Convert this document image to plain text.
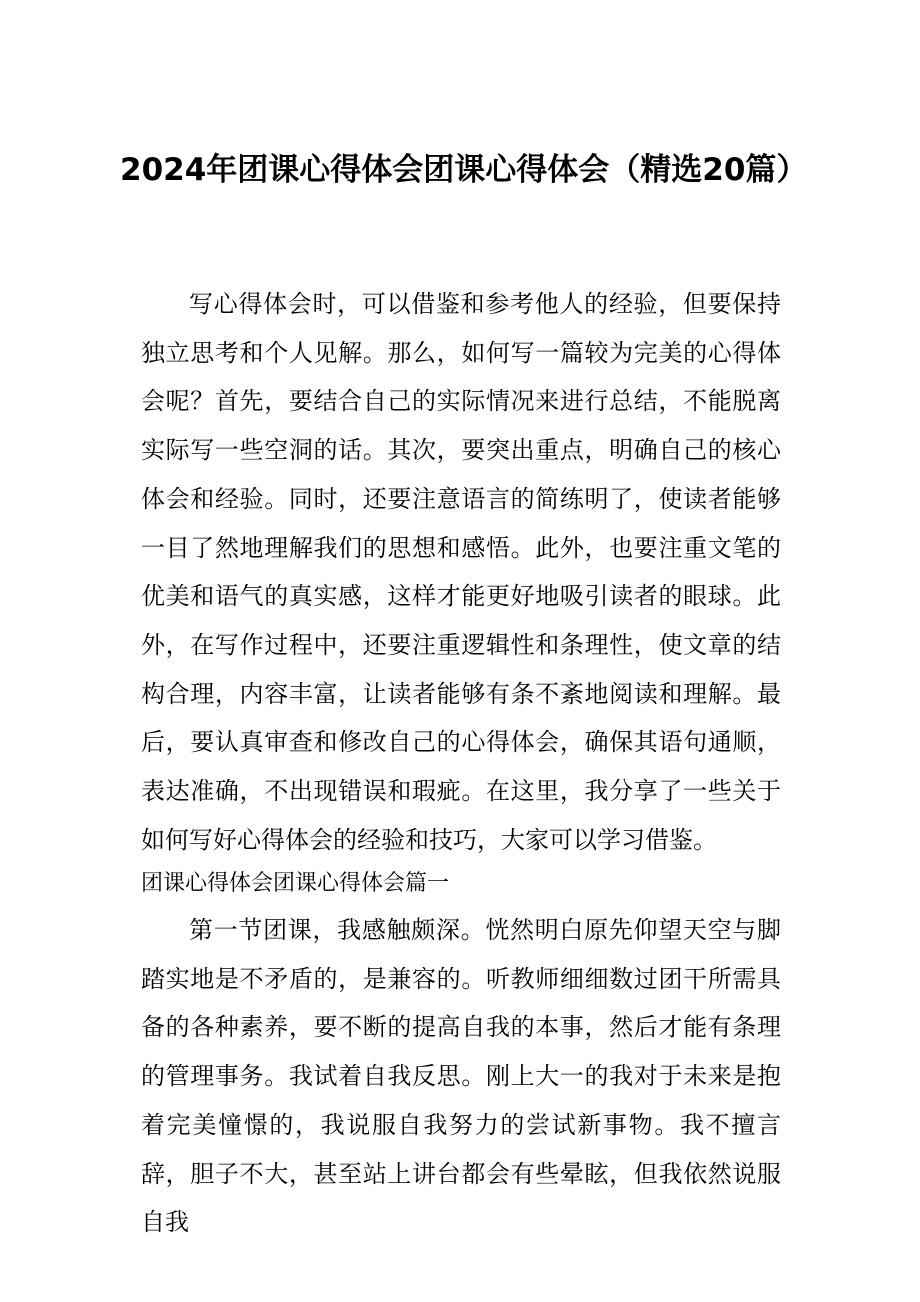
2024年团课心得体会团课心得体会（精选20篇）
写心得体会时，可以借鉴和参考他人的经验，但要保持独立思考和个人见解。那么，如何写一篇较为完美的心得体会呢？首先，要结合自己的实际情况来进行总结，不能脱离实际写一些空洞的话。其次，要突出重点，明确自己的核心体会和经验。同时，还要注意语言的简练明了，使读者能够一目了然地理解我们的思想和感悟。此外，也要注重文笔的优美和语气的真实感，这样才能更好地吸引读者的眼球。此外，在写作过程中，还要注重逻辑性和条理性，使文章的结构合理，内容丰富，让读者能够有条不紊地阅读和理解。最后，要认真审查和修改自己的心得体会，确保其语句通顺，表达准确，不出现错误和瑕疵。在这里，我分享了一些关于如何写好心得体会的经验和技巧，大家可以学习借鉴。
团课心得体会团课心得体会篇一
第一节团课，我感触颇深。恍然明白原先仰望天空与脚踏实地是不矛盾的，是兼容的。听教师细细数过团干所需具备的各种素养，要不断的提高自我的本事，然后才能有条理的管理事务。我试着自我反思。刚上大一的我对于未来是抱着完美憧憬的，我说服自我努力的尝试新事物。我不擅言辞，胆子不大，甚至站上讲台都会有些晕眩，但我依然说服自我
